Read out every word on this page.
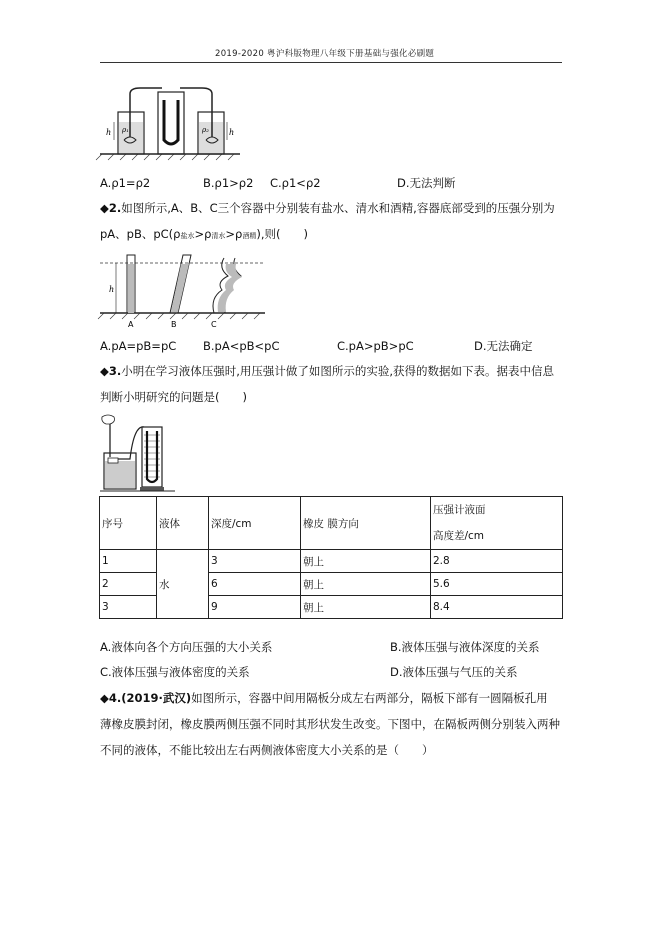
2019-2020 粤沪科版物理八年级下册基础与强化必刷题
h ρ₁	ρ₂	h
A.ρ1=ρ2	B.ρ1>ρ2 C.ρ1<ρ2	D.无法判断
◆2.如图所示,A、B、C三个容器中分别装有盐水、清水和酒精,容器底部受到的压强分别为
pA、pB、pC(ρ盐水>ρ清水>ρ酒精),则(　　)
h
A	B	C
A.pA=pB=pC B.pA<pB<pC	C.pA>pB>pC	D.无法确定
◆3.小明在学习液体压强时,用压强计做了如图所示的实验,获得的数据如下表。据表中信息
判断小明研究的问题是(　　)
序号	液体	深度/cm	橡皮 膜方向	压强计液面
高度差/cm

1	水	3	朝上	2.8
2		6	朝上	5.6
3		9	朝上	8.4
A.液体向各个方向压强的大小关系	B.液体压强与液体深度的关系
C.液体压强与液体密度的关系	D.液体压强与气压的关系
◆4.(2019·武汉)如图所示，容器中间用隔板分成左右两部分，隔板下部有一圆隔板孔用
薄橡皮膜封闭，橡皮膜两侧压强不同时其形状发生改变。下图中，在隔板两侧分别装入两种
不同的液体，不能比较出左右两侧液体密度大小关系的是（　　）
